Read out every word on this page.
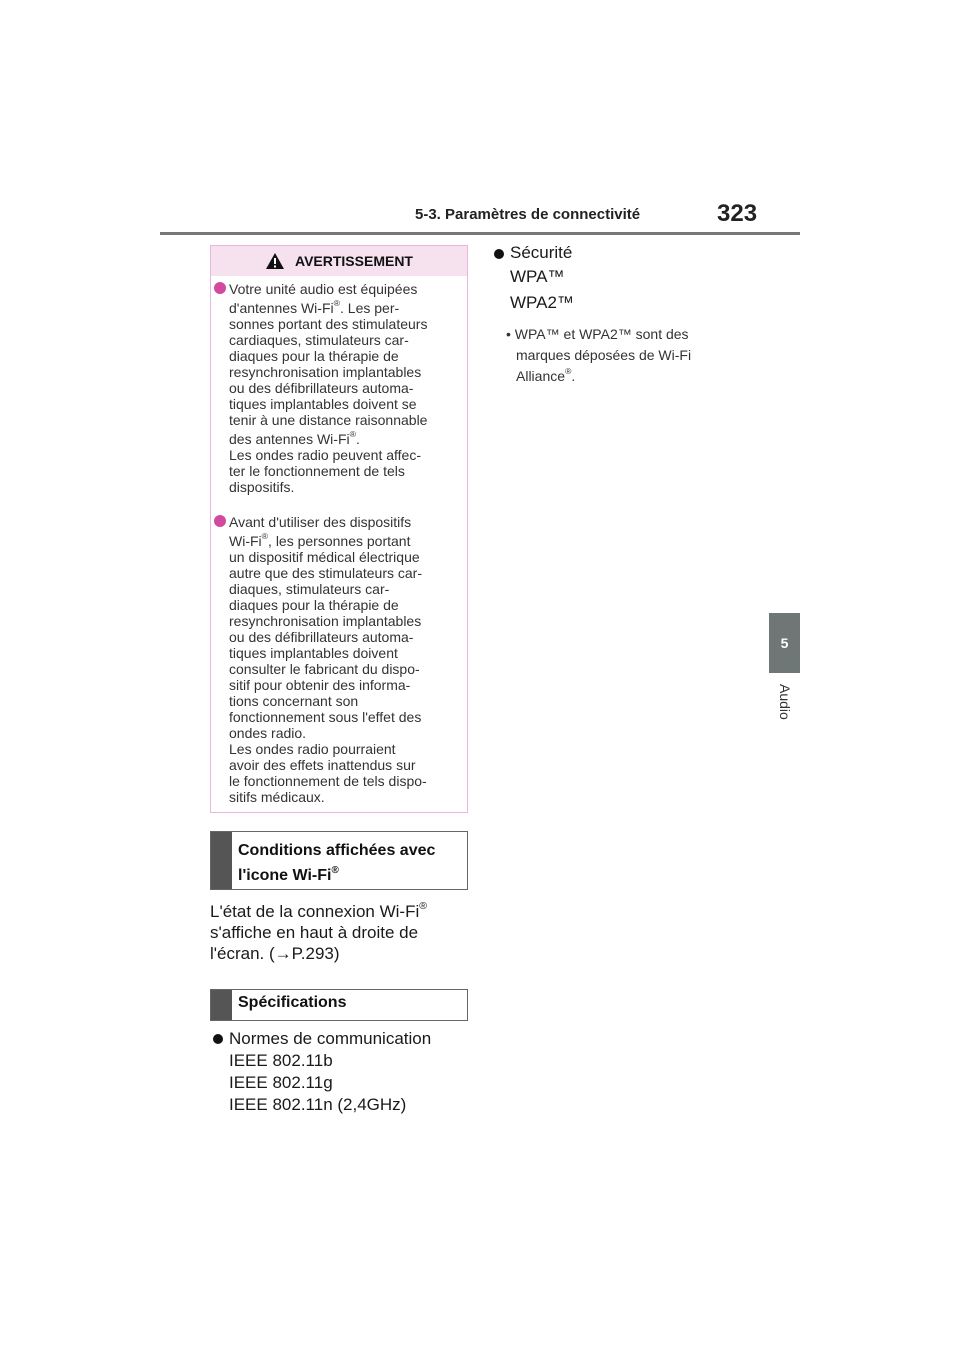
5-3. Paramètres de connectivité	323
5
Audio
AVERTISSEMENT
Votre unité audio est équipées
d'antennes Wi-Fi®. Les per-
sonnes portant des stimulateurs
cardiaques, stimulateurs car-
diaques pour la thérapie de
resynchronisation implantables
ou des défibrillateurs automa-
tiques implantables doivent se
tenir à une distance raisonnable
des antennes Wi-Fi®.
Les ondes radio peuvent affec-
ter le fonctionnement de tels
dispositifs.
Avant d'utiliser des dispositifs
Wi-Fi®, les personnes portant
un dispositif médical électrique
autre que des stimulateurs car-
diaques, stimulateurs car-
diaques pour la thérapie de
resynchronisation implantables
ou des défibrillateurs automa-
tiques implantables doivent
consulter le fabricant du dispo-
sitif pour obtenir des informa-
tions concernant son
fonctionnement sous l'effet des
ondes radio.
Les ondes radio pourraient
avoir des effets inattendus sur
le fonctionnement de tels dispo-
sitifs médicaux.
Conditions affichées avec
l'icone Wi-Fi®
L'état de la connexion Wi-Fi®
s'affiche en haut à droite de
l'écran. (→P.293)
Spécifications
Normes de communication
IEEE 802.11b
IEEE 802.11g
IEEE 802.11n (2,4GHz)
Sécurité
WPA™
WPA2™
• WPA™ et WPA2™ sont des
marques déposées de Wi-Fi
Alliance®.
